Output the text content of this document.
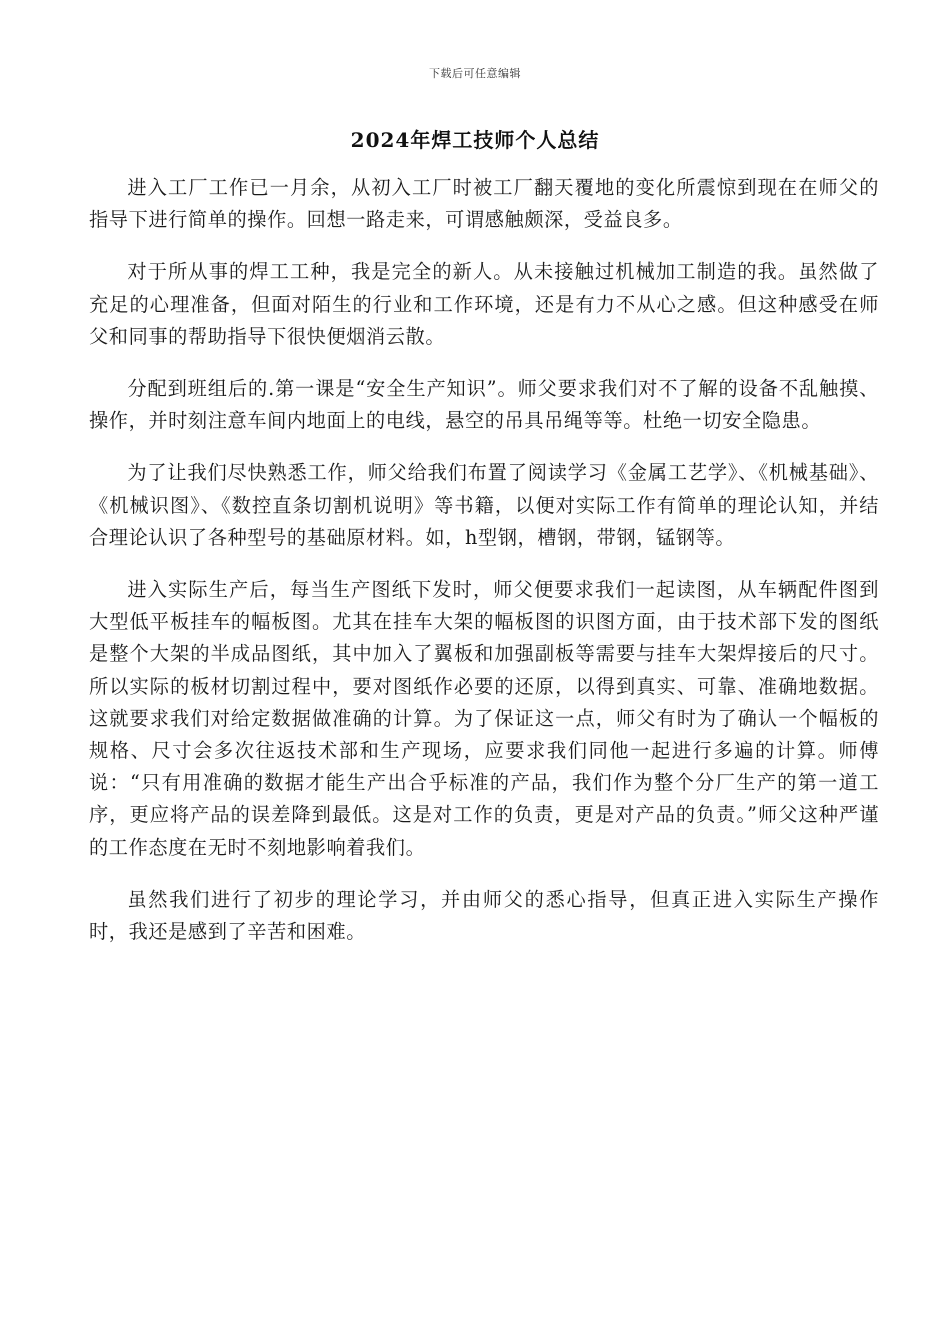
下载后可任意编辑
2024年焊工技师个人总结

进入工厂工作已一月余，从初入工厂时被工厂翻天覆地的变化所震惊到现在在师父的指导下进行简单的操作。回想一路走来，可谓感触颇深，受益良多。

对于所从事的焊工工种，我是完全的新人。从未接触过机械加工制造的我。虽然做了充足的心理准备，但面对陌生的行业和工作环境，还是有力不从心之感。但这种感受在师父和同事的帮助指导下很快便烟消云散。

分配到班组后的.第一课是“安全生产知识”。师父要求我们对不了解的设备不乱触摸、操作，并时刻注意车间内地面上的电线，悬空的吊具吊绳等等。杜绝一切安全隐患。

为了让我们尽快熟悉工作，师父给我们布置了阅读学习《金属工艺学》、《机械基础》、《机械识图》、《数控直条切割机说明》等书籍，以便对实际工作有简单的理论认知，并结合理论认识了各种型号的基础原材料。如，h型钢，槽钢，带钢，锰钢等。

进入实际生产后，每当生产图纸下发时，师父便要求我们一起读图，从车辆配件图到大型低平板挂车的幅板图。尤其在挂车大架的幅板图的识图方面，由于技术部下发的图纸是整个大架的半成品图纸，其中加入了翼板和加强副板等需要与挂车大架焊接后的尺寸。所以实际的板材切割过程中，要对图纸作必要的还原，以得到真实、可靠、准确地数据。这就要求我们对给定数据做准确的计算。为了保证这一点，师父有时为了确认一个幅板的规格、尺寸会多次往返技术部和生产现场，应要求我们同他一起进行多遍的计算。师傅说：“只有用准确的数据才能生产出合乎标准的产品，我们作为整个分厂生产的第一道工序，更应将产品的误差降到最低。这是对工作的负责，更是对产品的负责。”师父这种严谨的工作态度在无时不刻地影响着我们。

虽然我们进行了初步的理论学习，并由师父的悉心指导，但真正进入实际生产操作时，我还是感到了辛苦和困难。
